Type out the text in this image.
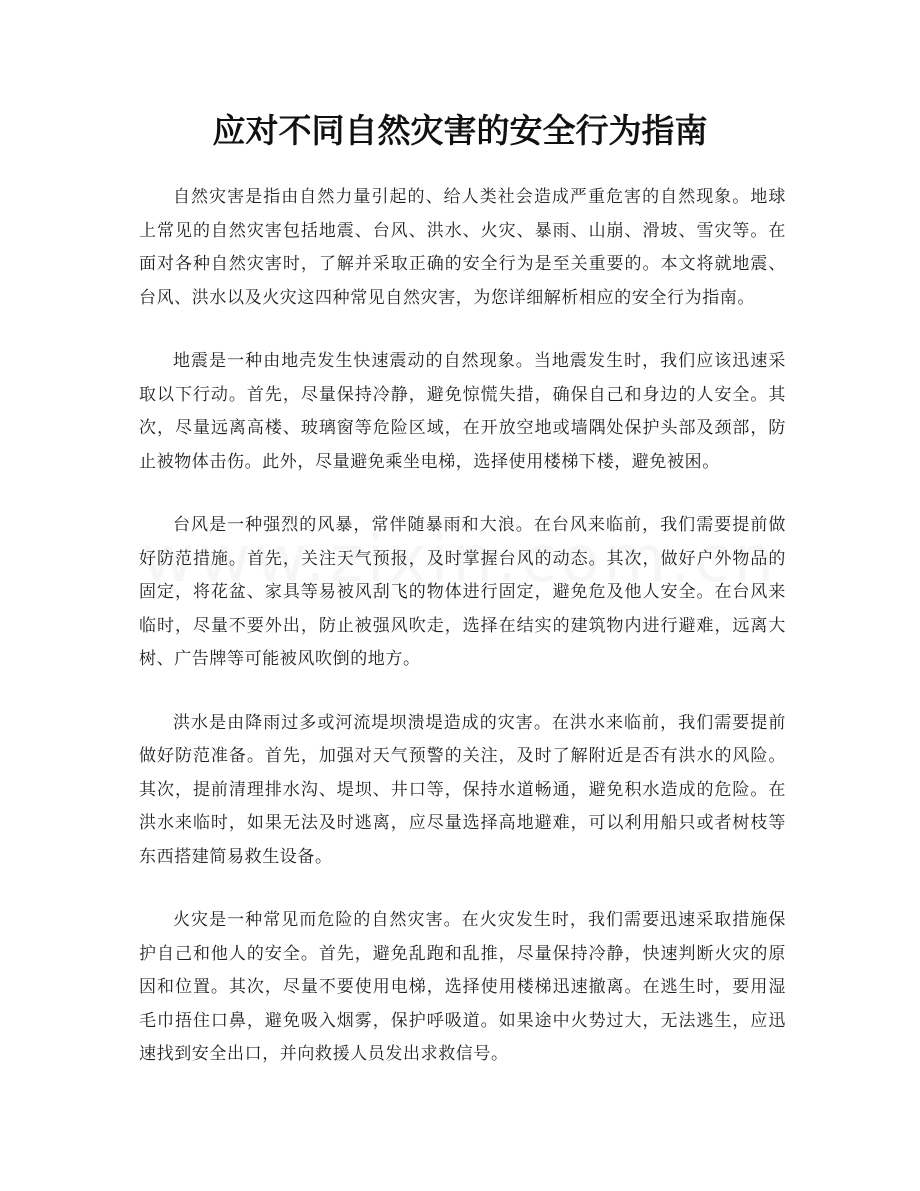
应对不同自然灾害的安全行为指南

自然灾害是指由自然力量引起的、给人类社会造成严重危害的自然现象。地球上常见的自然灾害包括地震、台风、洪水、火灾、暴雨、山崩、滑坡、雪灾等。在面对各种自然灾害时，了解并采取正确的安全行为是至关重要的。本文将就地震、台风、洪水以及火灾这四种常见自然灾害，为您详细解析相应的安全行为指南。

地震是一种由地壳发生快速震动的自然现象。当地震发生时，我们应该迅速采取以下行动。首先，尽量保持冷静，避免惊慌失措，确保自己和身边的人安全。其次，尽量远离高楼、玻璃窗等危险区域，在开放空地或墙隅处保护头部及颈部，防止被物体击伤。此外，尽量避免乘坐电梯，选择使用楼梯下楼，避免被困。

台风是一种强烈的风暴，常伴随暴雨和大浪。在台风来临前，我们需要提前做好防范措施。首先，关注天气预报，及时掌握台风的动态。其次，做好户外物品的固定，将花盆、家具等易被风刮飞的物体进行固定，避免危及他人安全。在台风来临时，尽量不要外出，防止被强风吹走，选择在结实的建筑物内进行避难，远离大树、广告牌等可能被风吹倒的地方。

洪水是由降雨过多或河流堤坝溃堤造成的灾害。在洪水来临前，我们需要提前做好防范准备。首先，加强对天气预警的关注，及时了解附近是否有洪水的风险。其次，提前清理排水沟、堤坝、井口等，保持水道畅通，避免积水造成的危险。在洪水来临时，如果无法及时逃离，应尽量选择高地避难，可以利用船只或者树枝等东西搭建简易救生设备。

火灾是一种常见而危险的自然灾害。在火灾发生时，我们需要迅速采取措施保护自己和他人的安全。首先，避免乱跑和乱推，尽量保持冷静，快速判断火灾的原因和位置。其次，尽量不要使用电梯，选择使用楼梯迅速撤离。在逃生时，要用湿毛巾捂住口鼻，避免吸入烟雾，保护呼吸道。如果途中火势过大，无法逃生，应迅速找到安全出口，并向救援人员发出求救信号。
